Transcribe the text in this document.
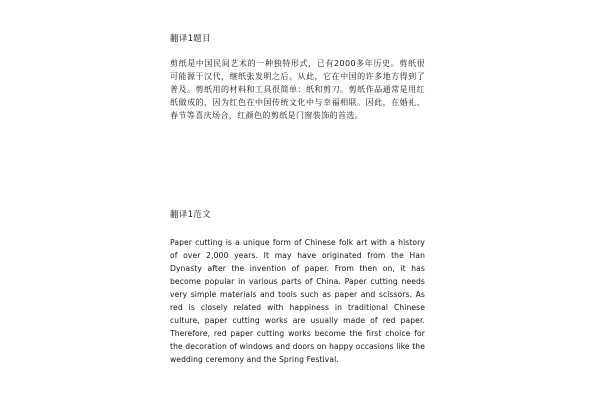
翻译1题目

剪纸是中国民间艺术的一种独特形式，已有2000多年历史。剪纸很可能源于汉代，继纸张发明之后。从此，它在中国的许多地方得到了普及。剪纸用的材料和工具很简单：纸和剪刀。剪纸作品通常是用红纸做成的，因为红色在中国传统文化中与幸福相联。因此，在婚礼、春节等喜庆场合，红颜色的剪纸是门窗装饰的首选。

翻译1范文

Paper cutting is a unique form of Chinese folk art with a history of over 2,000 years. It may have originated from the Han Dynasty after the invention of paper. From then on, it has become popular in various parts of China. Paper cutting needs very simple materials and tools such as paper and scissors. As red is closely related with happiness in traditional Chinese culture, paper cutting works are usually made of red paper. Therefore, red paper cutting works become the first choice for the decoration of windows and doors on happy occasions like the wedding ceremony and the Spring Festival.
